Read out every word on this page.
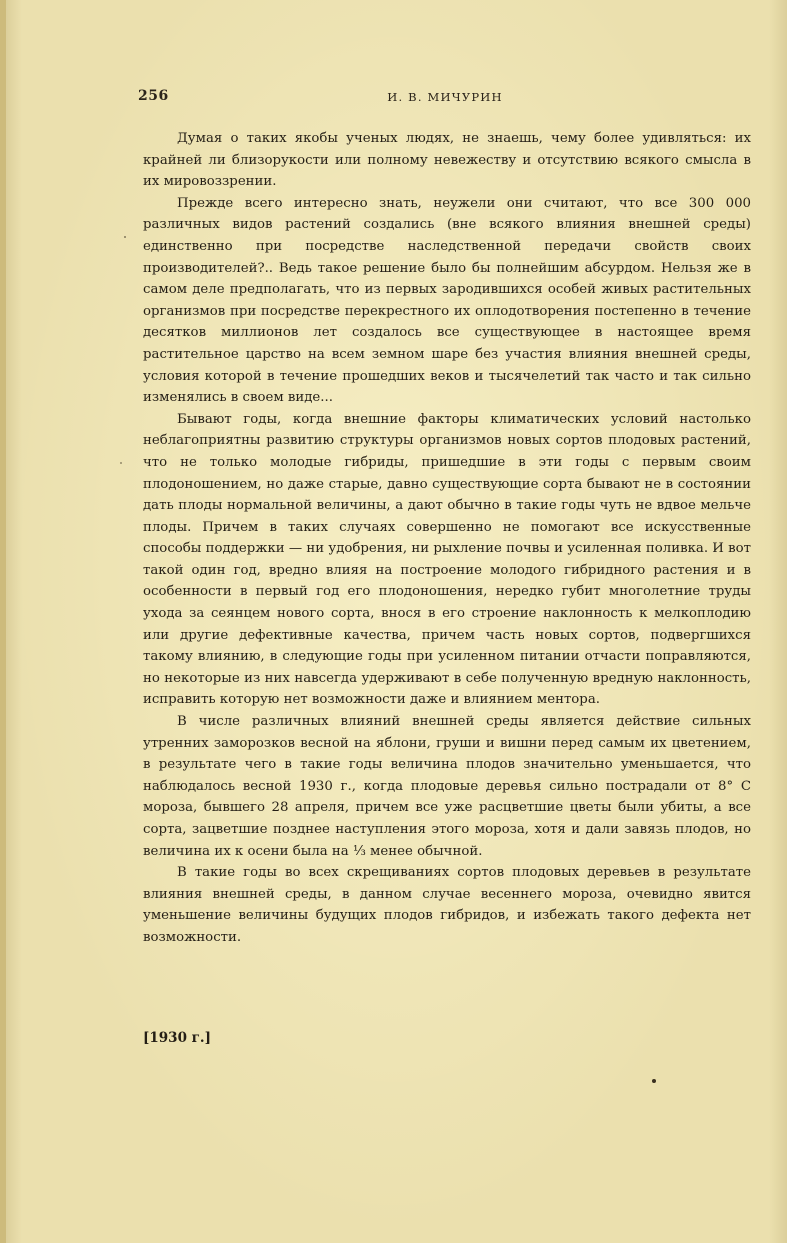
256	И. В. МИЧУРИН

Думая о таких якобы ученых людях, не знаешь, чему более удивляться: их крайней ли близорукости или полному невежеству и отсутствию всякого смысла в их мировоззрении.

Прежде всего интересно знать, неужели они считают, что все 300 000 различных видов растений создались (вне всякого влияния внешней среды) единственно при посредстве наследственной передачи свойств своих производителей?.. Ведь такое решение было бы полнейшим абсурдом. Нельзя же в самом деле предполагать, что из первых зародившихся особей живых растительных организмов при посредстве перекрестного их оплодотворения постепенно в течение десятков миллионов лет создалось все существующее в настоящее время растительное царство на всем земном шаре без участия влияния внешней среды, условия которой в течение прошедших веков и тысячелетий так часто и так сильно изменялись в своем виде...

Бывают годы, когда внешние факторы климатических условий настолько неблагоприятны развитию структуры организмов новых сортов плодовых растений, что не только молодые гибриды, пришедшие в эти годы с первым своим плодоношением, но даже старые, давно существующие сорта бывают не в состоянии дать плоды нормальной величины, а дают обычно в такие годы чуть не вдвое мельче плоды. Причем в таких случаях совершенно не помогают все искусственные способы поддержки — ни удобрения, ни рыхление почвы и усиленная поливка. И вот такой один год, вредно влияя на построение молодого гибридного растения и в особенности в первый год его плодоношения, нередко губит многолетние труды ухода за сеянцем нового сорта, внося в его строение наклонность к мелкоплодию или другие дефективные качества, причем часть новых сортов, подвергшихся такому влиянию, в следующие годы при усиленном питании отчасти поправляются, но некоторые из них навсегда удерживают в себе полученную вредную наклонность, исправить которую нет возможности даже и влиянием ментора.

В числе различных влияний внешней среды является действие сильных утренних заморозков весной на яблони, груши и вишни перед самым их цветением, в результате чего в такие годы величина плодов значительно уменьшается, что наблюдалось весной 1930 г., когда плодовые деревья сильно пострадали от 8° С мороза, бывшего 28 апреля, причем все уже расцветшие цветы были убиты, а все сорта, зацветшие позднее наступления этого мороза, хотя и дали завязь плодов, но величина их к осени была на ⅓ менее обычной.

В такие годы во всех скрещиваниях сортов плодовых деревьев в результате влияния внешней среды, в данном случае весеннего мороза, очевидно явится уменьшение величины будущих плодов гибридов, и избежать такого дефекта нет возможности.

[1930 г.]
